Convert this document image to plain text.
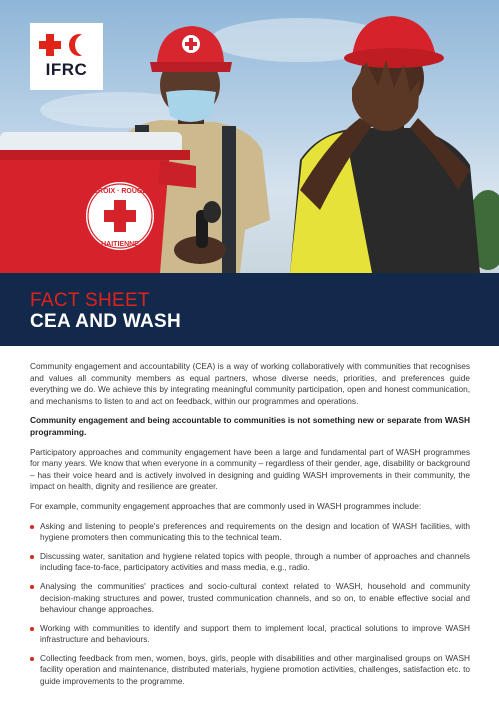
CROIX · ROUGE
HAITIENNE
IFRC
FACT SHEET
CEA AND WASH

Community engagement and accountability (CEA) is a way of working collaboratively with communities that recognises and values all community members as equal partners, whose diverse needs, priorities, and preferences guide everything we do. We achieve this by integrating meaningful community participation, open and honest communication, and mechanisms to listen to and act on feedback, within our programmes and operations.

Community engagement and being accountable to communities is not something new or separate from WASH programming.

Participatory approaches and community engagement have been a large and fundamental part of WASH programmes for many years. We know that when everyone in a community – regardless of their gender, age, disability or background – has their voice heard and is actively involved in designing and guiding WASH improvements in their community, the impact on health, dignity and resilience are greater.

For example, community engagement approaches that are commonly used in WASH programmes include:

Asking and listening to people's preferences and requirements on the design and location of WASH facilities, with hygiene promoters then communicating this to the technical team.
Discussing water, sanitation and hygiene related topics with people, through a number of approaches and channels including face-to-face, participatory activities and mass media, e.g., radio.
Analysing the communities' practices and socio-cultural context related to WASH, household and community decision-making structures and power, trusted communication channels, and so on, to enable effective social and behaviour change approaches.
Working with communities to identify and support them to implement local, practical solutions to improve WASH infrastructure and behaviours.
Collecting feedback from men, women, boys, girls, people with disabilities and other marginalised groups on WASH facility operation and maintenance, distributed materials, hygiene promotion activities, challenges, satisfaction etc. to guide improvements to the programme.
